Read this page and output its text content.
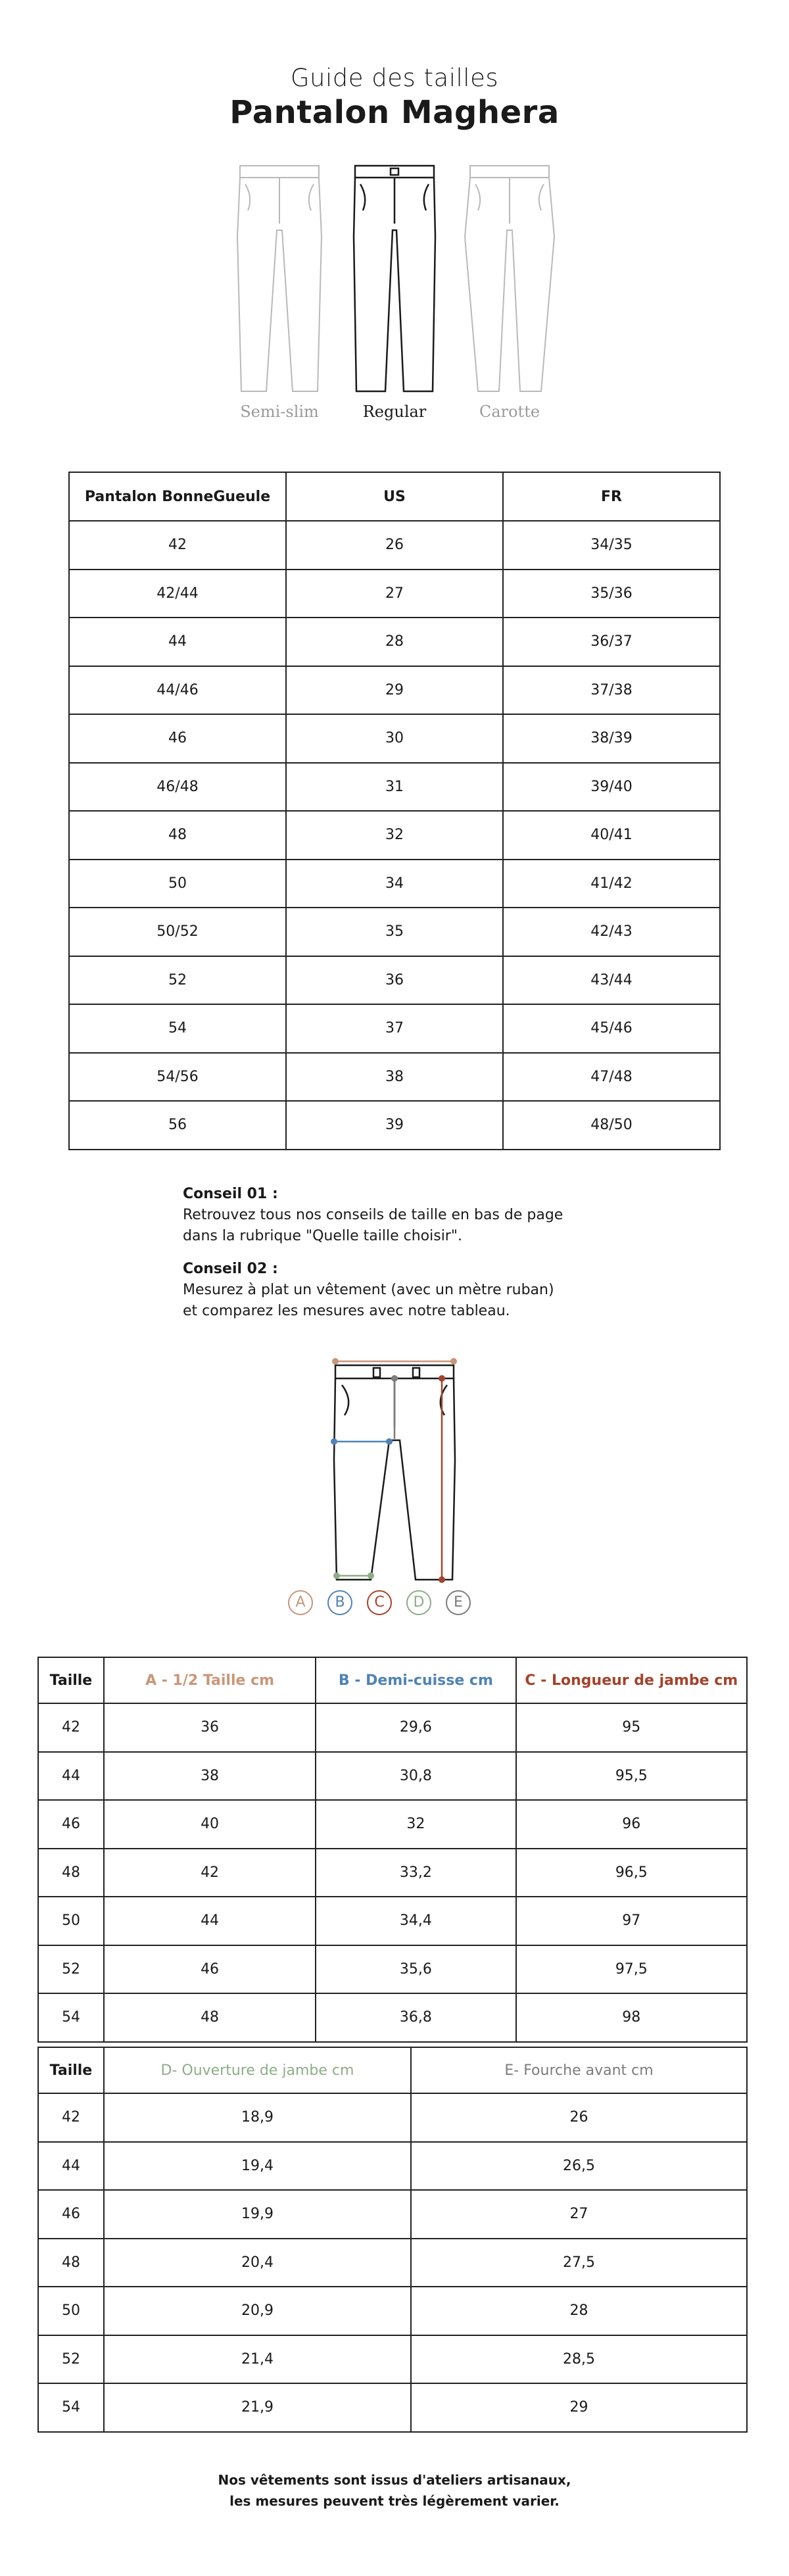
Guide des tailles
Pantalon Maghera
Semi-slim	Regular	Carotte
Pantalon BonneGueule	US	FR
42	26	34/35
42/44	27	35/36
44	28	36/37
44/46	29	37/38
46	30	38/39
46/48	31	39/40
48	32	40/41
50	34	41/42
50/52	35	42/43
52	36	43/44
54	37	45/46
54/56	38	47/48
56	39	48/50
Conseil 01 :
Retrouvez tous nos conseils de taille en bas de page
dans la rubrique "Quelle taille choisir".
Conseil 02 :
Mesurez à plat un vêtement (avec un mètre ruban)
et comparez les mesures avec notre tableau.
A	B	C	D	E
Taille	A - 1/2 Taille cm	B - Demi-cuisse cm	C - Longueur de jambe cm
42	36	29,6	95
44	38	30,8	95,5
46	40	32	96
48	42	33,2	96,5
50	44	34,4	97
52	46	35,6	97,5
54	48	36,8	98
Taille	D- Ouverture de jambe cm	E- Fourche avant cm
42	18,9	26
44	19,4	26,5
46	19,9	27
48	20,4	27,5
50	20,9	28
52	21,4	28,5
54	21,9	29
Nos vêtements sont issus d'ateliers artisanaux,
les mesures peuvent très légèrement varier.
